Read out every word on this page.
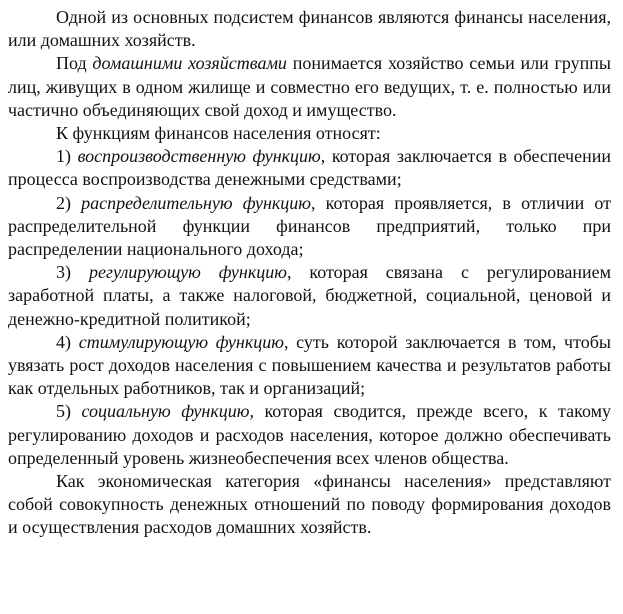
Одной из основных подсистем финансов являются финансы населения, или домашних хозяйств.

Под домашними хозяйствами понимается хозяйство семьи или группы лиц, живущих в одном жилище и совместно его ведущих, т. е. полностью или частично объединяющих свой доход и имущество.

К функциям финансов населения относят:

1) воспроизводственную функцию, которая заключается в обеспечении процесса воспроизводства денежными средствами;

2) распределительную функцию, которая проявляется, в отличии от распределительной функции финансов предприятий, только при распределении национального дохода;

3) регулирующую функцию, которая связана с регулированием заработной платы, а также налоговой, бюджетной, социальной, ценовой и денежно-кредитной политикой;

4) стимулирующую функцию, суть которой заключается в том, чтобы увязать рост доходов населения с повышением качества и результатов работы как отдельных работников, так и организаций;

5) социальную функцию, которая сводится, прежде всего, к такому регулированию доходов и расходов населения, которое должно обеспечивать определенный уровень жизнеобеспечения всех членов общества.

Как экономическая категория «финансы населения» представляют собой совокупность денежных отношений по поводу формирования доходов и осуществления расходов домашних хозяйств.
